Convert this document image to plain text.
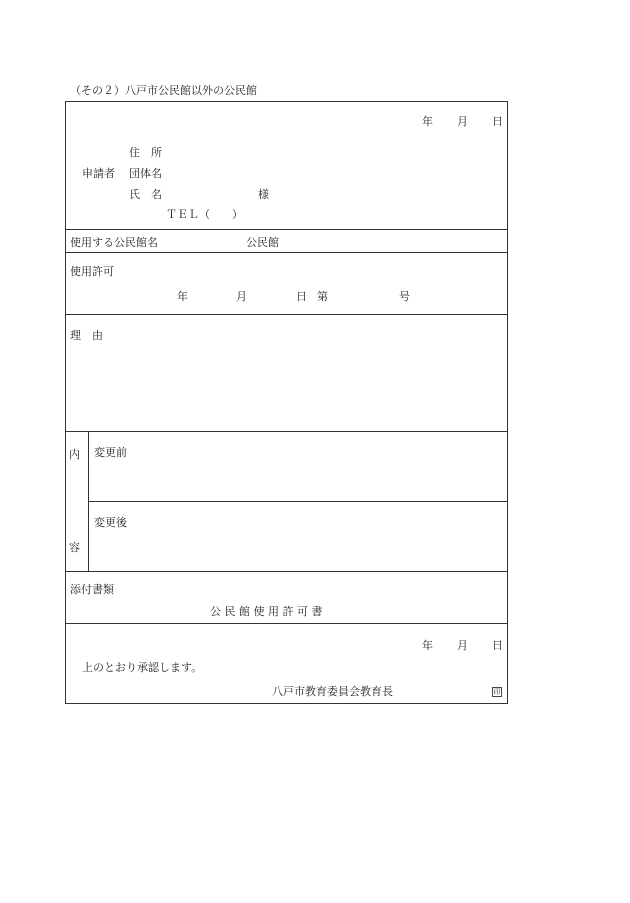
（その２）八戸市公民館以外の公民館
年 月 日
住　所
申請者 団体名
氏　名	様
ＴＥＬ（　　）
使用する公民館名	公民館
使用許可
年	月	日 第	号
理　由
内
容
変更前
変更後
添付書類
公 民 館 使 用 許 可 書
年 月 日
上のとおり承認します。
八戸市教育委員会教育長	印
